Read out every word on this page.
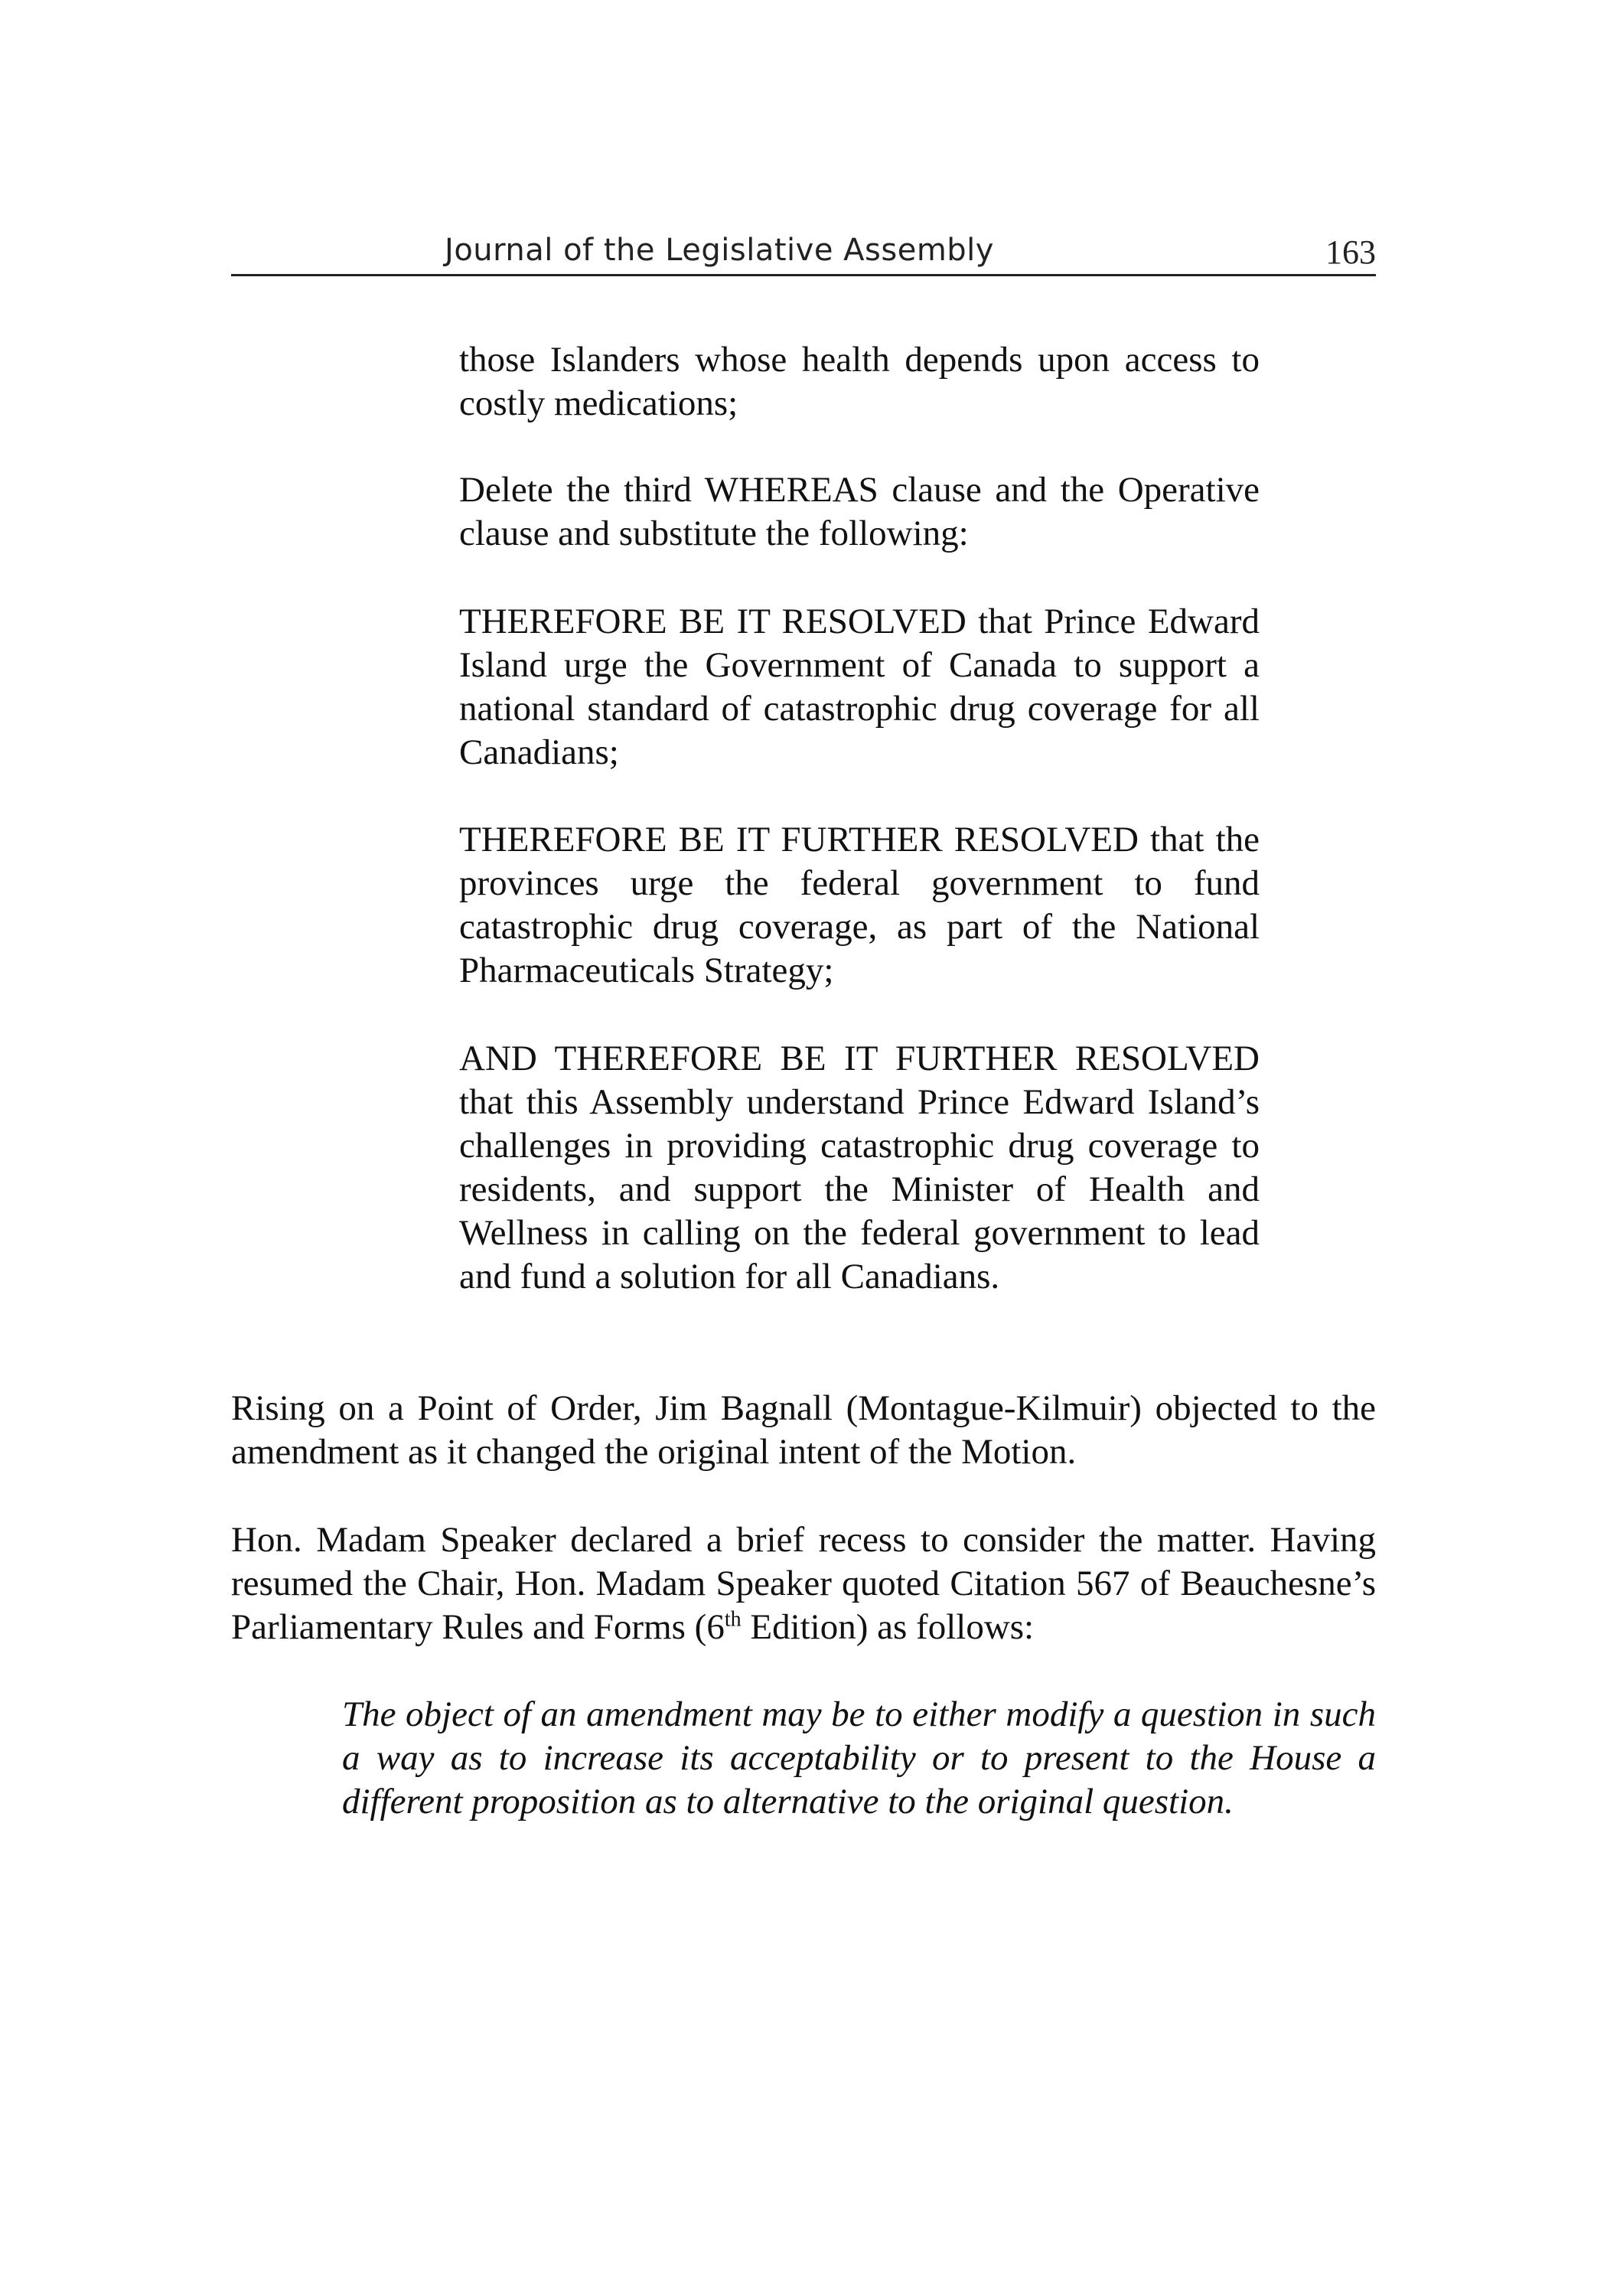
Journal of the Legislative Assembly	163
those Islanders whose health depends upon access to costly medications;
Delete the third WHEREAS clause and the Operative clause and substitute the following:
THEREFORE BE IT RESOLVED that Prince Edward Island urge the Government of Canada to support a national standard of catastrophic drug coverage for all Canadians;
THEREFORE BE IT FURTHER RESOLVED that the provinces urge the federal government to fund catastrophic drug coverage, as part of the National Pharmaceuticals Strategy;
AND THEREFORE BE IT FURTHER RESOLVED that this Assembly understand Prince Edward Island’s challenges in providing catastrophic drug coverage to residents, and support the Minister of Health and Wellness in calling on the federal government to lead and fund a solution for all Canadians.
Rising on a Point of Order, Jim Bagnall (Montague-Kilmuir) objected to the amendment as it changed the original intent of the Motion.
Hon. Madam Speaker declared a brief recess to consider the matter. Having resumed the Chair, Hon. Madam Speaker quoted Citation 567 of Beauchesne’s Parliamentary Rules and Forms (6th Edition) as follows:
The object of an amendment may be to either modify a question in such a way as to increase its acceptability or to present to the House a different proposition as to alternative to the original question.
